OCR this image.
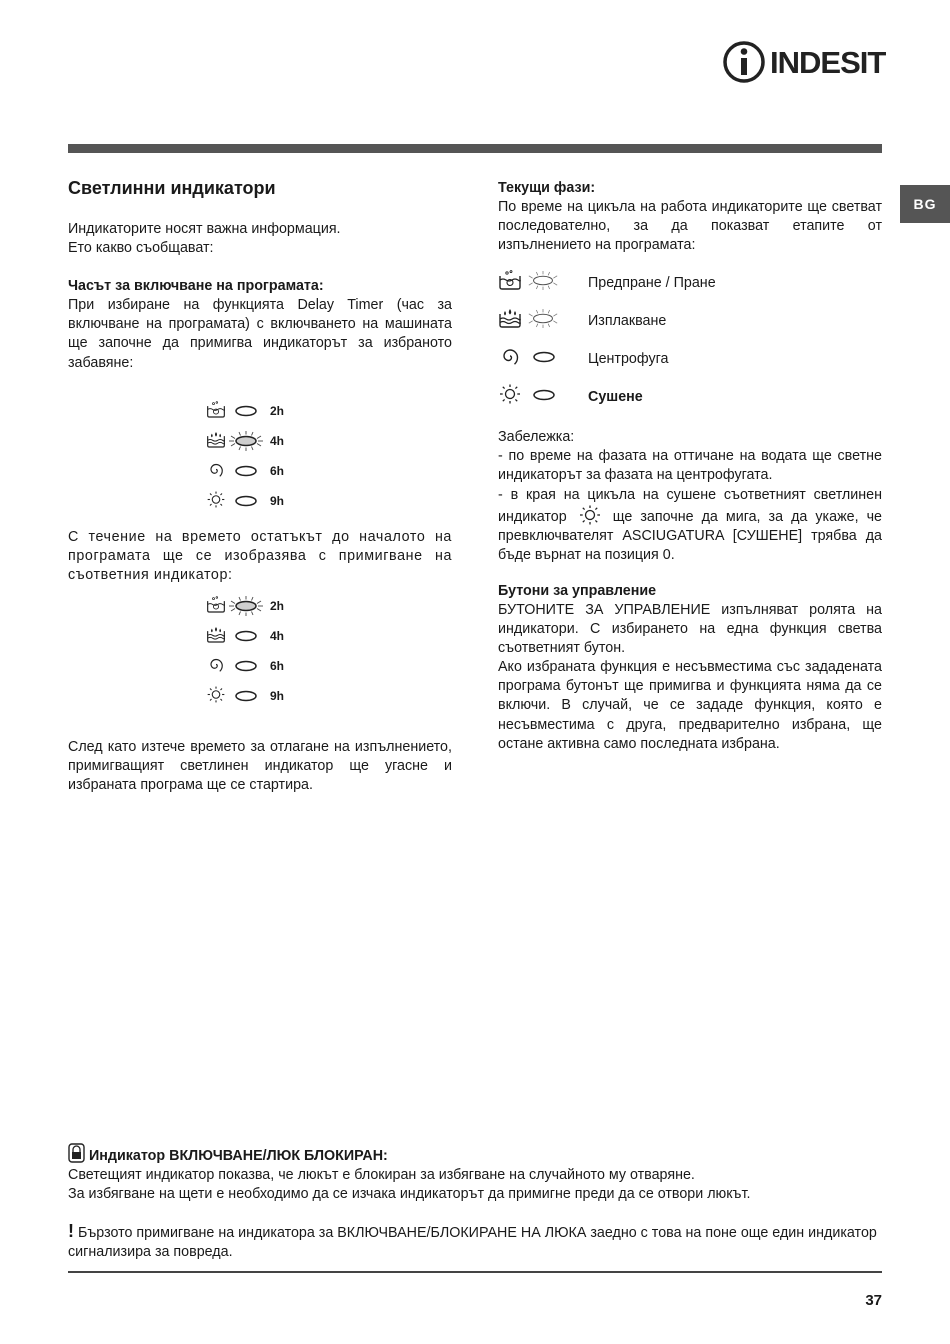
INDESIT
BG
Светлинни индикатори
Индикаторите носят важна информация.
Ето какво съобщават:
Часът за включване на програмата:
При избиране на функцията Delay Timer (час за включване на програмата) с включването на машината ще започне да примигва индикаторът за избраното забавяне:
2h
4h
6h
9h
С течение на времето остатъкът до началото на програмата ще се изобразява с примигване на съответния индикатор:
2h
4h
6h
9h
След като изтече времето за отлагане на изпълнението, примигващият светлинен индикатор ще угасне и избраната програма ще се стартира.
Текущи фази:
По време на цикъла на работа индикаторите ще светват последователно, за да показват етапите от изпълнението на програмата:
Предпране / Пране
Изплакване
Центрофуга
Сушене
Забележка:
- по време на фазата на оттичане на водата ще светне индикаторът за фазата на центрофугата.
- в края на цикъла на сушене съответният светлинен индикатор	ще започне да мига, за да укаже, че превключвателят ASCIUGATURA [СУШЕНЕ] трябва да бъде върнат на позиция 0.
Бутони за управление
БУТОНИТЕ ЗА УПРАВЛЕНИЕ изпълняват ролята на индикатори. С избирането на една функция светва съответният бутон.
Ако избраната функция е несъвместима със зададената програма бутонът ще примигва и функцията няма да се включи. В случай, че се зададе функция, която е несъвместима с друга, предварително избрана, ще остане активна само последната избрана.
Индикатор ВКЛЮЧВАНЕ/ЛЮК БЛОКИРАН:
Светещият индикатор показва, че люкът е блокиран за избягване на случайното му отваряне.
За избягване на щети е необходимо да се изчака индикаторът да примигне преди да се отвори люкът.
! Бързото примигване на индикатора за ВКЛЮЧВАНЕ/БЛОКИРАНЕ НА ЛЮКА заедно с това на поне още един индикатор сигнализира за повреда.
37
